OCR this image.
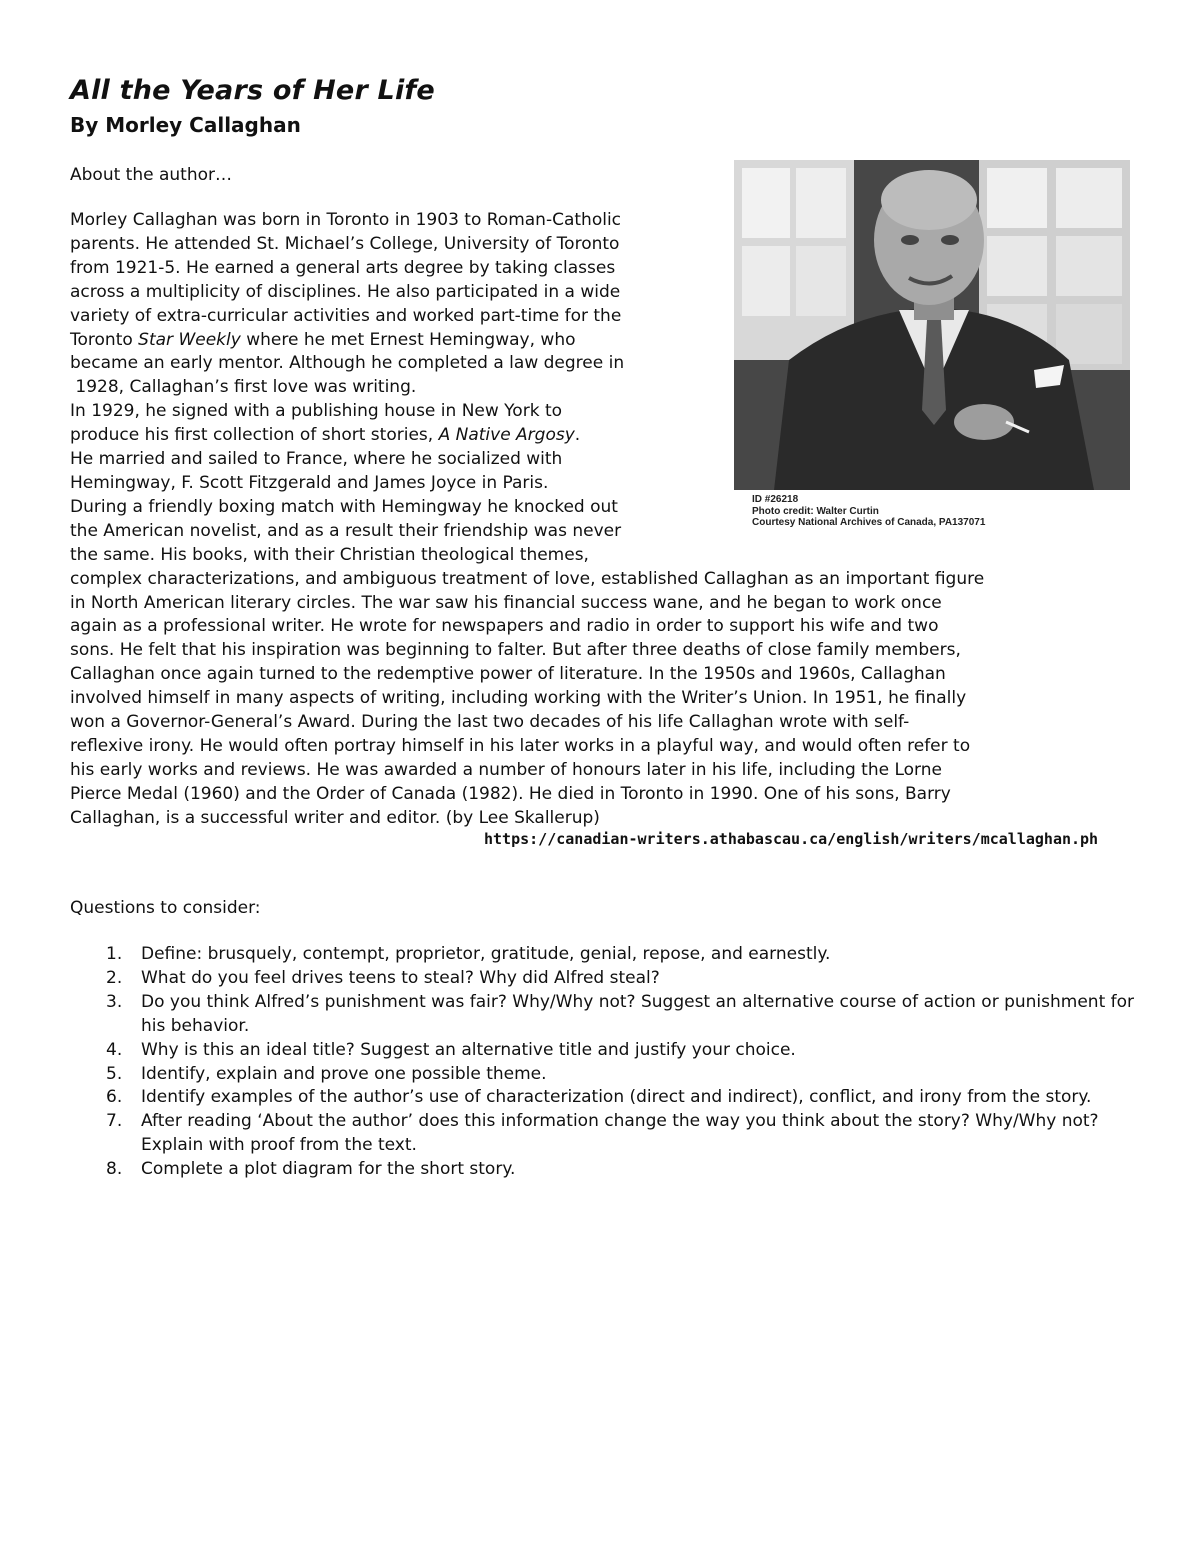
All the Years of Her Life
By Morley Callaghan
About the author…
ID #26218
Photo credit: Walter Curtin
Courtesy National Archives of Canada, PA137071
Morley Callaghan was born in Toronto in 1903 to Roman-Catholic
parents. He attended St. Michael’s College, University of Toronto
from 1921-5. He earned a general arts degree by taking classes
across a multiplicity of disciplines. He also participated in a wide
variety of extra-curricular activities and worked part-time for the
Toronto Star Weekly where he met Ernest Hemingway, who
became an early mentor. Although he completed a law degree in
1928, Callaghan’s first love was writing.
In 1929, he signed with a publishing house in New York to
produce his first collection of short stories, A Native Argosy.
He married and sailed to France, where he socialized with
Hemingway, F. Scott Fitzgerald and James Joyce in Paris.
During a friendly boxing match with Hemingway he knocked out
the American novelist, and as a result their friendship was never
the same. His books, with their Christian theological themes,
complex characterizations, and ambiguous treatment of love, established Callaghan as an important figure
in North American literary circles. The war saw his financial success wane, and he began to work once
again as a professional writer. He wrote for newspapers and radio in order to support his wife and two
sons. He felt that his inspiration was beginning to falter. But after three deaths of close family members,
Callaghan once again turned to the redemptive power of literature. In the 1950s and 1960s, Callaghan
involved himself in many aspects of writing, including working with the Writer’s Union. In 1951, he finally
won a Governor-General’s Award. During the last two decades of his life Callaghan wrote with self-
reflexive irony. He would often portray himself in his later works in a playful way, and would often refer to
his early works and reviews. He was awarded a number of honours later in his life, including the Lorne
Pierce Medal (1960) and the Order of Canada (1982). He died in Toronto in 1990. One of his sons, Barry
Callaghan, is a successful writer and editor. (by Lee Skallerup)
https://canadian-writers.athabascau.ca/english/writers/mcallaghan.ph
Questions to consider:
1. Define: brusquely, contempt, proprietor, gratitude, genial, repose, and earnestly.
2. What do you feel drives teens to steal? Why did Alfred steal?
3. Do you think Alfred’s punishment was fair? Why/Why not? Suggest an alternative course of action or punishment for his behavior.
4. Why is this an ideal title? Suggest an alternative title and justify your choice.
5. Identify, explain and prove one possible theme.
6. Identify examples of the author’s use of characterization (direct and indirect), conflict, and irony from the story.
7. After reading ‘About the author’ does this information change the way you think about the story? Why/Why not? Explain with proof from the text.
8. Complete a plot diagram for the short story.
